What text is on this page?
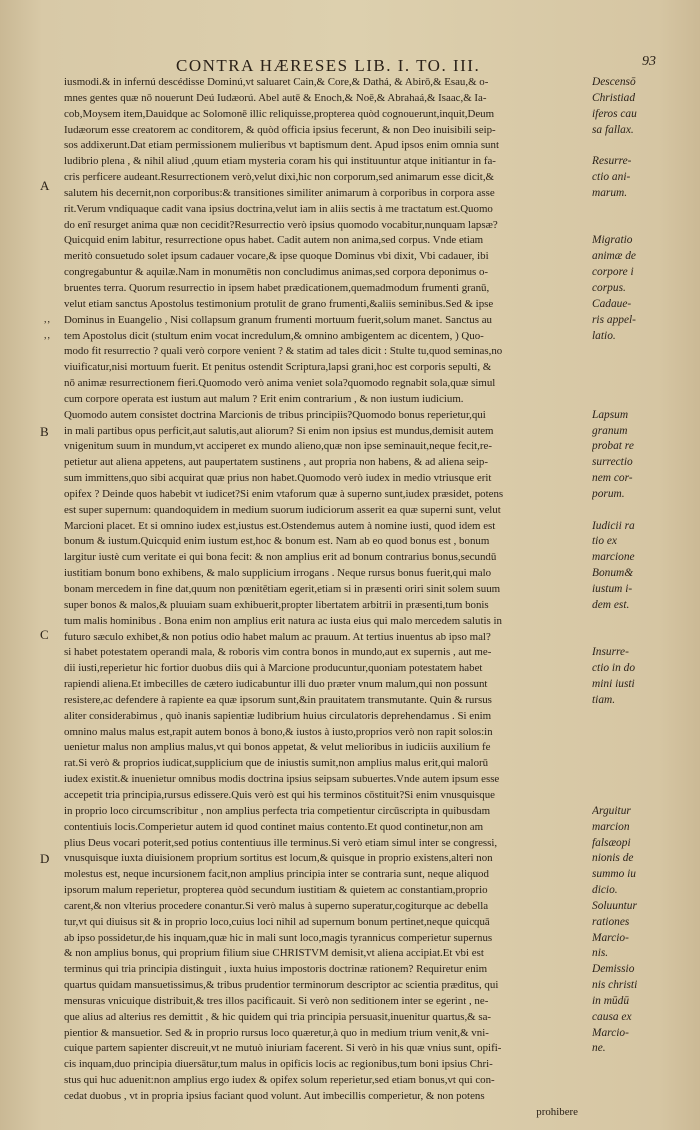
CONTRA HÆRESES LIB. I. TO. III.	93
A
B
C
D
,,
,,
iusmodi.& in infernú descédisse Dominú,vt saluaret Cain,& Core,& Dathá, & Abirō,& Esau,& o-
mnes gentes quæ nō nouerunt Deú Iudæorú. Abel autē & Enoch,& Noē,& Abrahaá,& Isaac,& Ia-
cob,Moysem item,Dauidque ac Solomonē illic reliquisse,propterea quòd cognouerunt,inquit,Deum
Iudæorum esse creatorem ac conditorem, & quòd officia ipsius fecerunt, & non Deo inuisibili seip-
sos addixerunt.Dat etiam permissionem mulieribus vt baptismum dent. Apud ipsos enim omnia sunt
ludibrio plena , & nihil aliud ,quum etiam mysteria coram his qui instituuntur atque initiantur in fa-
cris perficere audeant.Resurrectionem verò,velut dixi,hic non corporum,sed animarum esse dicit,&
salutem his decernit,non corporibus:& transitiones similiter animarum à corporibus in corpora asse
rit.Verum vndiquaque cadit vana ipsius doctrina,velut iam in aliis sectis à me tractatum est.Quomo
do enī resurget anima quæ non cecidit?Resurrectio verò ipsius quomodo vocabitur,nunquam lapsæ?
Quicquid enim labitur, resurrectione opus habet. Cadit autem non anima,sed corpus. Vnde etiam
meritò consuetudo solet ipsum cadauer vocare,& ipse quoque Dominus vbi dixit, Vbi cadauer, ibi
congregabuntur & aquilæ.Nam in monumētis non concludimus animas,sed corpora deponimus o-
bruentes terra. Quorum resurrectio in ipsem habet prædicationem,quemadmodum frumenti granū,
velut etiam sanctus Apostolus testimonium protulit de grano frumenti,&aliis seminibus.Sed & ipse
Dominus in Euangelio , Nisi collapsum granum frumenti mortuum fuerit,solum manet. Sanctus au
tem Apostolus dicit (stultum enim vocat incredulum,& omnino ambigentem ac dicentem, ) Quo-
modo fit resurrectio ? quali verò corpore venient ? & statim ad tales dicit : Stulte tu,quod seminas,no
viuificatur,nisi mortuum fuerit. Et penitus ostendit Scriptura,lapsi grani,hoc est corporis sepulti, &
nō animæ resurrectionem fieri.Quomodo verò anima veniet sola?quomodo regnabit sola,quæ simul
cum corpore operata est iustum aut malum ? Erit enim contrarium , & non iustum iudicium.
Quomodo autem consistet doctrina Marcionis de tribus principiis?Quomodo bonus reperietur,qui
in mali partibus opus perficit,aut salutis,aut aliorum? Si enim non ipsius est mundus,demisit autem
vnigenitum suum in mundum,vt acciperet ex mundo alieno,quæ non ipse seminauit,neque fecit,re-
petietur aut aliena appetens, aut paupertatem sustinens , aut propria non habens, & ad aliena seip-
sum immittens,quo sibi acquirat quæ prius non habet.Quomodo verò iudex in medio vtriusque erit
opifex ? Deinde quos habebit vt iudicet?Si enim vtaforum quæ à superno sunt,iudex præsidet, potens
est super supernum: quandoquidem in medium suorum iudiciorum asserit ea quæ superni sunt, velut
Marcioni placet. Et si omnino iudex est,iustus est.Ostendemus autem à nomine iusti, quod idem est
bonum & iustum.Quicquid enim iustum est,hoc & bonum est. Nam ab eo quod bonus est , bonum
largitur iustè cum veritate ei qui bona fecit: & non amplius erit ad bonum contrarius bonus,secundū
iustitiam bonum bono exhibens, & malo supplicium irrogans . Neque rursus bonus fuerit,qui malo
bonam mercedem in fine dat,quum non pœnitētiam egerit,etiam si in præsenti oriri sinit solem suum
super bonos & malos,& pluuiam suam exhibuerit,propter libertatem arbitrii in præsenti,tum bonis
tum malis hominibus . Bona enim non amplius erit natura ac iusta eius qui malo mercedem salutis in
futuro sæculo exhibet,& non potius odio habet malum ac prauum. At tertius inuentus ab ipso mal?
si habet potestatem operandi mala, & roboris vim contra bonos in mundo,aut ex supernis , aut me-
dii iusti,reperietur hic fortior duobus diis qui à Marcione producuntur,quoniam potestatem habet
rapiendi aliena.Et imbecilles de cætero iudicabuntur illi duo præter vnum malum,qui non possunt
resistere,ac defendere à rapiente ea quæ ipsorum sunt,&in prauitatem transmutante. Quin & rursus
aliter considerabimus , quò inanis sapientiæ ludibrium huius circulatoris deprehendamus . Si enim
omnino malus malus est,rapit autem bonos à bono,& iustos à iusto,proprios verò non rapit solos:in
uenietur malus non amplius malus,vt qui bonos appetat, & velut melioribus in iudiciis auxilium fe
rat.Si verò & proprios iudicat,supplicium que de iniustis sumit,non amplius malus erit,qui malorū
iudex existit.& inuenietur omnibus modis doctrina ipsius seipsam subuertes.Vnde autem ipsum esse
accepetit tria principia,rursus edissere.Quis verò est qui his terminos cōstituit?Si enim vnusquisque
in proprio loco circumscribitur , non amplius perfecta tria competientur circūscripta in quibusdam
contentiuis locis.Comperietur autem id quod continet maius contento.Et quod continetur,non am
plius Deus vocari poterit,sed potius contentiuus ille terminus.Si verò etiam simul inter se congressi,
vnusquisque iuxta diuisionem proprium sortitus est locum,& quisque in proprio existens,alteri non
molestus est, neque incursionem facit,non amplius principia inter se contraria sunt, neque aliquod
ipsorum malum reperietur, propterea quòd secundum iustitiam & quietem ac constantiam,proprio
carent,& non vlterius procedere conantur.Si verò malus à superno superatur,cogiturque ac debella
tur,vt qui diuisus sit & in proprio loco,cuius loci nihil ad supernum bonum pertinet,neque quicquā
ab ipso possidetur,de his inquam,quæ hic in mali sunt loco,magis tyrannicus comperietur supernus
& non amplius bonus, qui proprium filium siue CHRISTVM demisit,vt aliena accipiat.Et vbi est
terminus qui tria principia distinguit , iuxta huius impostoris doctrinæ rationem? Requiretur enim
quartus quidam mansuetissimus,& tribus prudentior terminorum descriptor ac scientia præditus, qui
mensuras vnicuique distribuit,& tres illos pacificauit. Si verò non seditionem inter se egerint , ne-
que alius ad alterius res demittit , & hic quidem qui tria principia persuasit,inuenitur quartus,& sa-
pientior & mansuetior. Sed & in proprio rursus loco quæretur,à quo in medium trium venit,& vni-
cuique partem sapienter discreuit,vt ne mutuò iniuriam facerent. Si verò in his quæ vnius sunt, opifi-
cis inquam,duo principia diuersātur,tum malus in opificis locis ac regionibus,tum boni ipsius Chri-
stus qui huc aduenit:non amplius ergo iudex & opifex solum reperietur,sed etiam bonus,vt qui con-
cedat duobus , vt in propria ipsius faciant quod volunt. Aut imbecillis comperietur, & non potens
prohibere
Descensō
Christiad
iferos cau
sa fallax.
Resurre-
ctio ani-
marum.
Migratio
animæ de
corpore i
corpus.
Cadaue-
ris appel-
latio.
Lapsum
granum
probat re
surrectio
nem cor-
porum.
Iudicii ra
tio ex
marcione
Bonum&
iustum i-
dem est.
Insurre-
ctio in do
mini iusti
tiam.
Arguitur
marcion
falsæopi
nionis de
summo iu
dicio.
Soluuntur
rationes
Marcio-
nis.
Demissio
nis christi
in mūdū
causa ex
Marcio-
ne.
